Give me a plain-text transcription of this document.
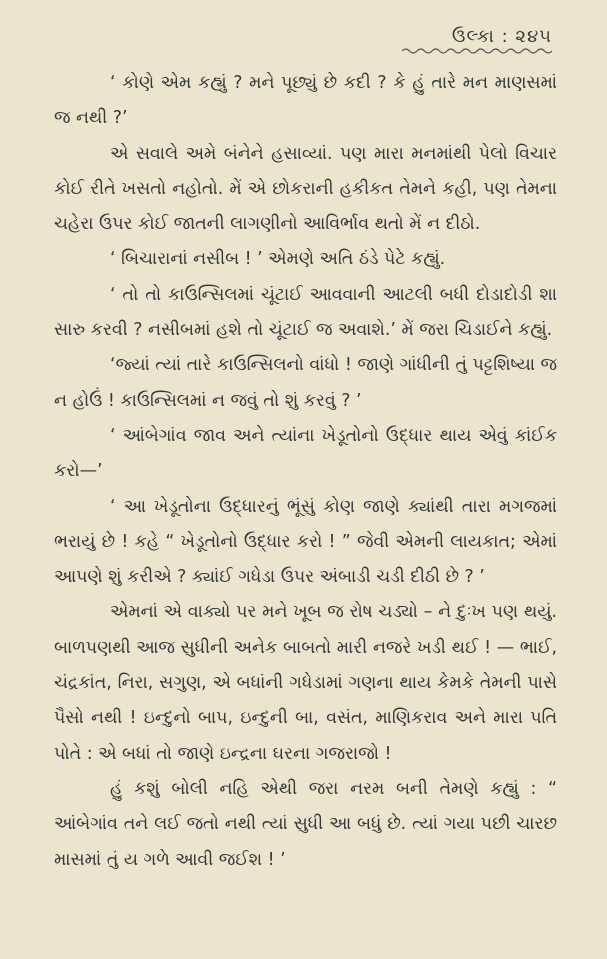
ઉલ્કા : ૨૪૫

‘ કોણે એમ કહ્યું ? મને પૂછ્યું છે કદી ? કે હું તારે મન માણસમાં જ નથી ?’

એ સવાલે અમે બંનેને હસાવ્યાં. પણ મારા મનમાંથી પેલો વિચાર કોઈ રીતે ખસતો નહોતો. મેં એ છોકરાની હકીકત તેમને કહી, પણ તેમના ચહેરા ઉપર કોઈ જાતની લાગણીનો આવિર્ભાવ થતો મેં ન દીઠો.

‘ બિચારાનાં નસીબ ! ’ એમણે અતિ ઠંડે પેટે કહ્યું.

‘ તો તો કાઉન્સિલમાં ચૂંટાઈ આવવાની આટલી બધી દોડાદોડી શા સારુ કરવી ? નસીબમાં હશે તો ચૂંટાઈ જ અવાશે.’ મેં જરા ચિડાઈને કહ્યું.

‘જ્યાં ત્યાં તારે કાઉન્સિલનો વાંધો ! જાણે ગાંધીની તું પટ્ટશિષ્યા જ ન હોઉં ! કાઉન્સિલમાં ન જવું તો શું કરવું ? ’

‘ આંબેગાંવ જાવ અને ત્યાંના ખેડૂતોનો ઉદ્ધાર થાય એવું કાંઈક કરો—’

‘ આ ખેડૂતોના ઉદ્ધારનું ભૂંસું કોણ જાણે ક્યાંથી તારા મગજમાં ભરાયું છે ! કહે “ ખેડૂતોનો ઉદ્ધાર કરો ! ” જેવી એમની લાયકાત; એમાં આપણે શું કરીએ ? ક્યાંઈ ગધેડા ઉપર અંબાડી ચડી દીઠી છે ? ’

એમનાં એ વાક્યો પર મને ખૂબ જ રોષ ચડ્યો – ને દુઃખ પણ થયું. બાળપણથી આજ સુધીની અનેક બાબતો મારી નજરે ખડી થઈ ! — ભાઈ, ચંદ્રકાંત, નિરા, સગુણ, એ બધાંની ગધેડામાં ગણના થાય કેમકે તેમની પાસે પૈસો નથી ! ઇન્દુનો બાપ, ઇન્દુની બા, વસંત, માણિકરાવ અને મારા પતિ પોતે : એ બધાં તો જાણે ઇન્દ્રના ઘરના ગજરાજો !

હું કશું બોલી નહિ એથી જરા નરમ બની તેમણે કહ્યું : “ આંબેગાંવ તને લઈ જતો નથી ત્યાં સુધી આ બધું છે. ત્યાં ગયા પછી ચારછ માસમાં તું ય ગળે આવી જઈશ ! ’
